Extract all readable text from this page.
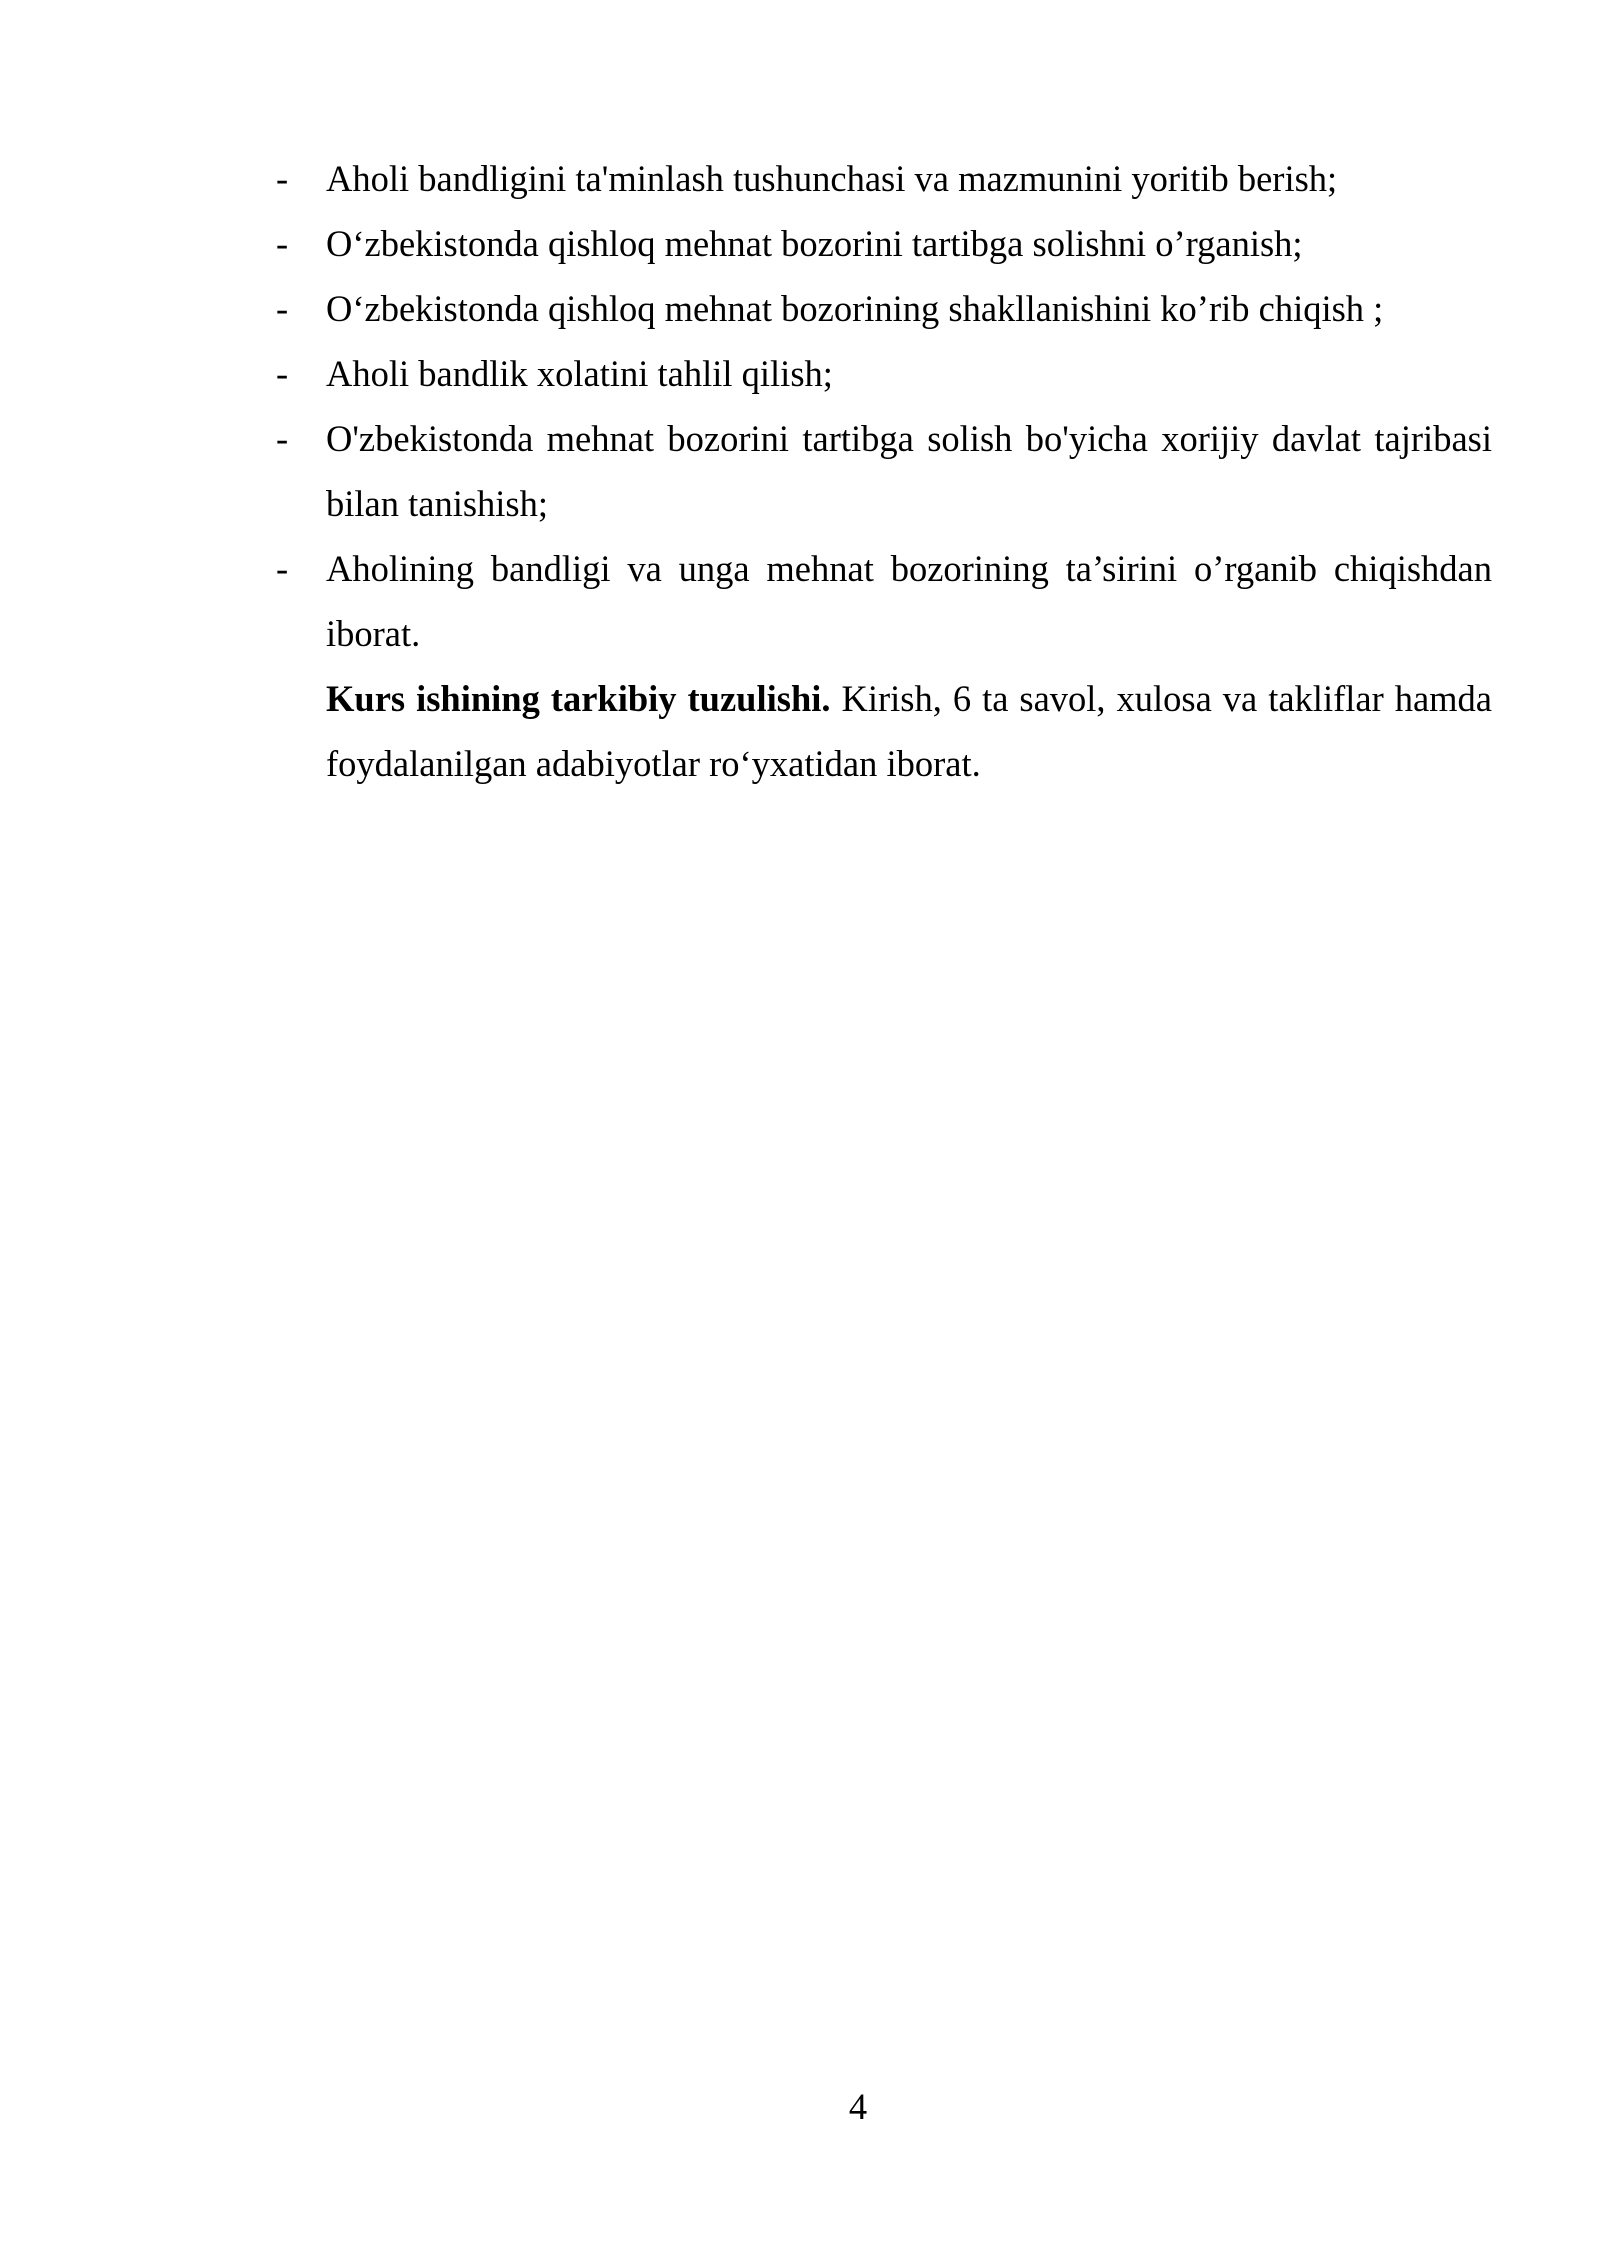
- Aholi bandligini ta'minlash tushunchasi va mazmunini yoritib berish;
- O‘zbekistonda qishloq mehnat bozorini tartibga solishni o’rganish;
- O‘zbekistonda qishloq mehnat bozorining shakllanishini ko’rib chiqish ;
- Aholi bandlik xolatini tahlil qilish;
- O'zbekistonda mehnat bozorini tartibga solish bo'yicha xorijiy davlat tajribasi bilan tanishish;
- Aholining bandligi va unga mehnat bozorining ta’sirini o’rganib chiqishdan iborat.

Kurs ishining tarkibiy tuzulishi. Kirish, 6 ta savol, xulosa va takliflar hamda foydalanilgan adabiyotlar ro‘yxatidan iborat.

4
